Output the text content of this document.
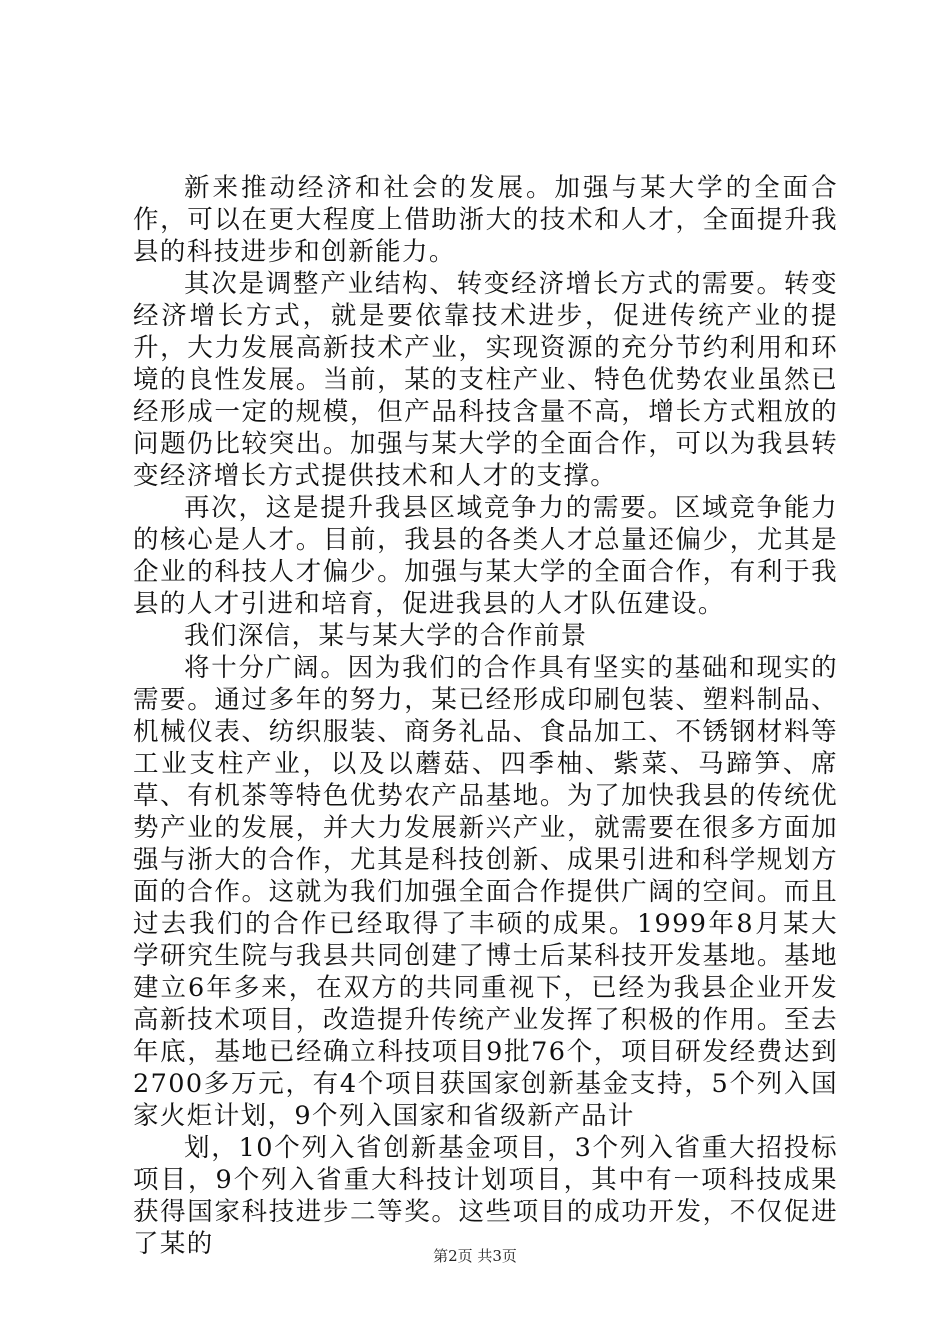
新来推动经济和社会的发展。加强与某大学的全面合作，可以在更大程度上借助浙大的技术和人才，全面提升我县的科技进步和创新能力。

其次是调整产业结构、转变经济增长方式的需要。转变经济增长方式，就是要依靠技术进步，促进传统产业的提升，大力发展高新技术产业，实现资源的充分节约利用和环境的良性发展。当前，某的支柱产业、特色优势农业虽然已经形成一定的规模，但产品科技含量不高，增长方式粗放的问题仍比较突出。加强与某大学的全面合作，可以为我县转变经济增长方式提供技术和人才的支撑。

再次，这是提升我县区域竞争力的需要。区域竞争能力的核心是人才。目前，我县的各类人才总量还偏少，尤其是企业的科技人才偏少。加强与某大学的全面合作，有利于我县的人才引进和培育，促进我县的人才队伍建设。

我们深信，某与某大学的合作前景

将十分广阔。因为我们的合作具有坚实的基础和现实的需要。通过多年的努力，某已经形成印刷包装、塑料制品、机械仪表、纺织服装、商务礼品、食品加工、不锈钢材料等工业支柱产业，以及以蘑菇、四季柚、紫菜、马蹄笋、席草、有机茶等特色优势农产品基地。为了加快我县的传统优势产业的发展，并大力发展新兴产业，就需要在很多方面加强与浙大的合作，尤其是科技创新、成果引进和科学规划方面的合作。这就为我们加强全面合作提供广阔的空间。而且过去我们的合作已经取得了丰硕的成果。1999年8月某大学研究生院与我县共同创建了博士后某科技开发基地。基地建立6年多来，在双方的共同重视下，已经为我县企业开发高新技术项目，改造提升传统产业发挥了积极的作用。至去年底，基地已经确立科技项目9批76个，项目研发经费达到2700多万元，有4个项目获国家创新基金支持，5个列入国家火炬计划，9个列入国家和省级新产品计

划，10个列入省创新基金项目，3个列入省重大招投标项目，9个列入省重大科技计划项目，其中有一项科技成果获得国家科技进步二等奖。这些项目的成功开发，不仅促进了某的	第2页 共3页
